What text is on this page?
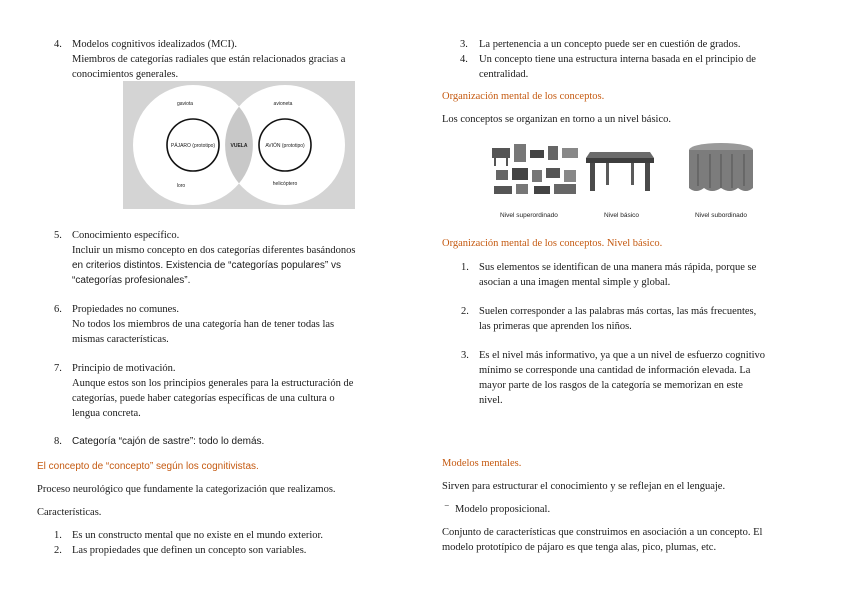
4. Modelos cognitivos idealizados (MCI).
Miembros de categorías radiales que están relacionados gracias a
conocimientos generales.
gaviota	avioneta
PÁJARO (prototipo)	VUELA	AVIÓN (prototipo)
loro	helicóptero
5. Conocimiento específico.
Incluir un mismo concepto en dos categorías diferentes basándonos
en criterios distintos. Existencia de “categorías populares” vs
“categorías profesionales”.
6. Propiedades no comunes.
No todos los miembros de una categoría han de tener todas las
mismas características.
7. Principio de motivación.
Aunque estos son los principios generales para la estructuración de
categorías, puede haber categorías específicas de una cultura o
lengua concreta.
8. Categoría “cajón de sastre”: todo lo demás.
El concepto de “concepto” según los cognitivistas.
Proceso neurológico que fundamente la categorización que realizamos.
Características.
1. Es un constructo mental que no existe en el mundo exterior.
2. Las propiedades que definen un concepto son variables.
3. La pertenencia a un concepto puede ser en cuestión de grados.
4. Un concepto tiene una estructura interna basada en el principio de
centralidad.
Organización mental de los conceptos.
Los conceptos se organizan en torno a un nivel básico.
Nivel superordinado	Nivel básico	Nivel subordinado
Organización mental de los conceptos. Nivel básico.
1. Sus elementos se identifican de una manera más rápida, porque se
asocian a una imagen mental simple y global.
2. Suelen corresponder a las palabras más cortas, las más frecuentes,
las primeras que aprenden los niños.
3. Es el nivel más informativo, ya que a un nivel de esfuerzo cognitivo
mínimo se corresponde una cantidad de información elevada. La
mayor parte de los rasgos de la categoría se memorizan en este
nivel.
Modelos mentales.
Sirven para estructurar el conocimiento y se reflejan en el lenguaje.
⁻ Modelo proposicional.
Conjunto de características que construimos en asociación a un concepto. El
modelo prototípico de pájaro es que tenga alas, pico, plumas, etc.
